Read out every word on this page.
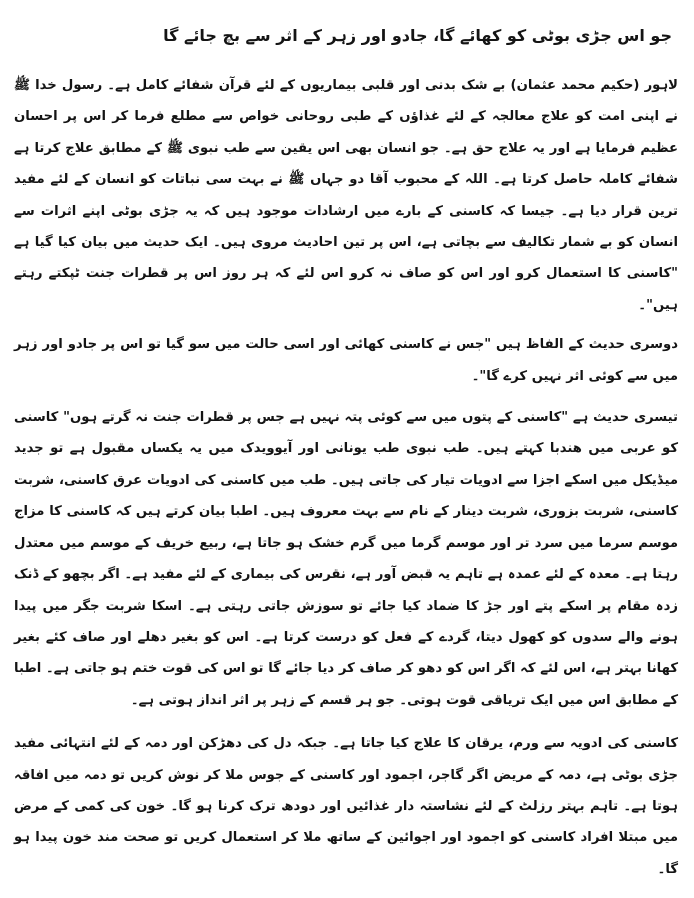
جو اس جڑی بوٹی کو کھائے گا، جادو اور زہر کے اثر سے بچ جائے گا

لاہور (حکیم محمد عثمان) بے شک بدنی اور قلبی بیماریوں کے لئے قرآن شفائے کامل ہے۔ رسول خدا ﷺ نے اپنی امت کو علاج معالجہ کے لئے غذاؤں کے طبی روحانی خواص سے مطلع فرما کر اس پر احسان عظیم فرمایا ہے اور یہ علاج حق ہے۔ جو انسان بھی اس یقین سے طب نبوی ﷺ کے مطابق علاج کرتا ہے شفائے کاملہ حاصل کرتا ہے۔ اللہ کے محبوب آقا دو جہاں ﷺ نے بہت سی نباتات کو انسان کے لئے مفید ترین قرار دیا ہے۔ جیسا کہ کاسنی کے بارے میں ارشادات موجود ہیں کہ یہ جڑی بوٹی اپنے اثرات سے انسان کو بے شمار تکالیف سے بچاتی ہے، اس پر تین احادیث مروی ہیں۔ ایک حدیث میں بیان کیا گیا ہے "کاسنی کا استعمال کرو اور اس کو صاف نہ کرو اس لئے کہ ہر روز اس پر قطرات جنت ٹپکتے رہتے ہیں"۔

دوسری حدیث کے الفاظ ہیں "جس نے کاسنی کھائی اور اسی حالت میں سو گیا تو اس پر جادو اور زہر میں سے کوئی اثر نہیں کرے گا"۔

تیسری حدیث ہے "کاسنی کے پتوں میں سے کوئی پتہ نہیں ہے جس پر قطرات جنت نہ گرتے ہوں" کاسنی کو عربی میں ھندبا کہتے ہیں۔ طب نبوی طب یونانی اور آیوویدک میں یہ یکساں مقبول ہے تو جدید میڈیکل میں اسکے اجزا سے ادویات تیار کی جاتی ہیں۔ طب میں کاسنی کی ادویات عرق کاسنی، شربت کاسنی، شربت بزوری، شربت دینار کے نام سے بہت معروف ہیں۔ اطبا بیان کرتے ہیں کہ کاسنی کا مزاج موسم سرما میں سرد تر اور موسم گرما میں گرم خشک ہو جاتا ہے، ربیع خریف کے موسم میں معتدل رہتا ہے۔ معدہ کے لئے عمدہ ہے تاہم یہ قبض آور ہے، نقرس کی بیماری کے لئے مفید ہے۔ اگر بچھو کے ڈنک زدہ مقام پر اسکے پتے اور جڑ کا ضماد کیا جائے تو سوزش جاتی رہتی ہے۔ اسکا شربت جگر میں پیدا ہونے والے سدوں کو کھول دیتا، گردے کے فعل کو درست کرتا ہے۔ اس کو بغیر دھلے اور صاف کئے بغیر کھانا بہتر ہے، اس لئے کہ اگر اس کو دھو کر صاف کر دیا جائے گا تو اس کی قوت ختم ہو جاتی ہے۔ اطبا کے مطابق اس میں ایک تریاقی قوت ہوتی۔ جو ہر قسم کے زہر پر اثر انداز ہوتی ہے۔

کاسنی کی ادویہ سے ورم، یرقان کا علاج کیا جاتا ہے۔ جبکہ دل کی دھڑکن اور دمہ کے لئے انتہائی مفید جڑی بوٹی ہے، دمہ کے مریض اگر گاجر، اجمود اور کاسنی کے جوس ملا کر نوش کریں تو دمہ میں افاقہ ہوتا ہے۔ تاہم بہتر رزلٹ کے لئے نشاستہ دار غذائیں اور دودھ ترک کرنا ہو گا۔ خون کی کمی کے مرض میں مبتلا افراد کاسنی کو اجمود اور اجوائین کے ساتھ ملا کر استعمال کریں تو صحت مند خون پیدا ہو گا۔
